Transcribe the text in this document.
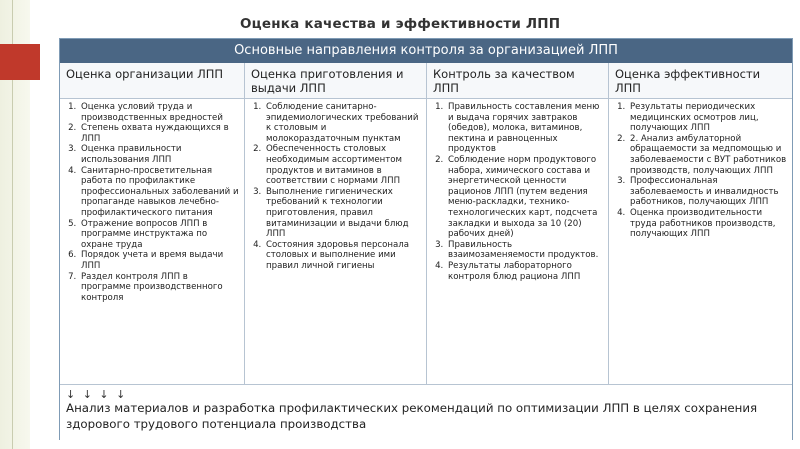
Оценка качества и эффективности ЛПП
Основные направления контроля за организацией ЛПП
Оценка организации ЛПП
1. Оценка условий труда и производственных вредностей
2. Степень охвата нуждающихся в ЛПП
3. Оценка правильности использования ЛПП
4. Санитарно-просветительная работа по профилактике профессиональных заболеваний и пропаганде навыков лечебно-профилактического питания
5. Отражение вопросов ЛПП в программе инструктажа по охране труда
6. Порядок учета и время выдачи ЛПП
7. Раздел контроля ЛПП в программе производственного контроля
Оценка приготовления и выдачи ЛПП
1. Соблюдение санитарно-эпидемиологических требований к столовым и молокораздаточным пунктам
2. Обеспеченность столовых необходимым ассортиментом продуктов и витаминов в соответствии с нормами ЛПП
3. Выполнение гигиенических требований к технологии приготовления, правил витаминизации и выдачи блюд ЛПП
4. Состояния здоровья персонала столовых и выполнение ими правил личной гигиены
Контроль за качеством ЛПП
1. Правильность составления меню и выдача горячих завтраков (обедов), молока, витаминов, пектина и равноценных продуктов
2. Соблюдение норм продуктового набора, химического состава и энергетической ценности рационов ЛПП (путем ведения меню-раскладки, технико-технологических карт, подсчета закладки и выхода за 10 (20) рабочих дней)
3. Правильность взаимозаменяемости продуктов.
4. Результаты лабораторного контроля блюд рациона ЛПП
Оценка эффективности ЛПП
1. Результаты периодических медицинских осмотров лиц, получающих ЛПП
2. 2. Анализ амбулаторной обращаемости за медпомощью и заболеваемости с ВУТ работников производств, получающих ЛПП
3. Профессиональная заболеваемость и инвалидность работников, получающих ЛПП
4. Оценка производительности труда работников производств, получающих ЛПП
↓ ↓ ↓ ↓
Анализ материалов и разработка профилактических рекомендаций по оптимизации ЛПП в целях сохранения здорового трудового потенциала производства
